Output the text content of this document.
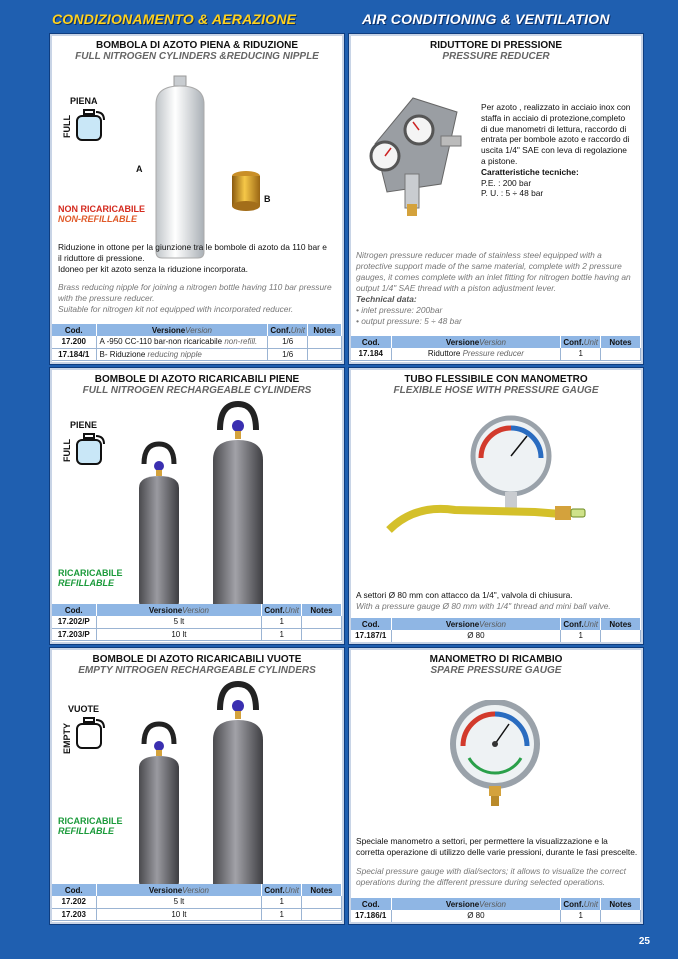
CONDIZIONAMENTO & AERAZIONE	AIR CONDITIONING & VENTILATION
BOMBOLA DI AZOTO PIENA & RIDUZIONE
FULL NITROGEN CYLINDERS &REDUCING NIPPLE
PIENA
FULL
A
B
NON RICARICABILE
NON-REFILLABLE
Riduzione in ottone per la giunzione tra le bombole di azoto da 110 bar e
il riduttore di pressione.
Idoneo per kit azoto senza la riduzione incorporata.
Brass reducing nipple for joining a nitrogen bottle having 110 bar pressure
with the pressure reducer.
Suitable for nitrogen kit not equipped with incorporated reducer.
Cod.	VersioneVersion	Conf.Unit	Notes
17.200	A -950 CC-110 bar-non ricaricabile non-refill.	1/6	
17.184/1	B- Riduzione reducing nipple	1/6	
RIDUTTORE DI PRESSIONE
PRESSURE REDUCER
Per azoto , realizzato in acciaio inox con
staffa in acciaio di protezione,completo
di due manometri di lettura, raccordo di
entrata per bombole azoto e raccordo di
uscita 1/4" SAE con leva di regolazione
a pistone.
Caratteristiche tecniche:
P.E. : 200 bar
P. U. : 5 ÷ 48 bar
Nitrogen pressure reducer made of stainless steel equipped with a
protective support made of the same material, complete with 2 pressure
gauges, it comes complete with an inlet fitting for nitrogen bottle having an
output 1/4" SAE thread with a piston adjustment lever.
Technical data:
• inlet pressure: 200bar
• output pressure: 5 ÷ 48 bar
Cod.	VersioneVersion	Conf.Unit	Notes
17.184	Riduttore Pressure reducer	1	
BOMBOLE DI AZOTO RICARICABILI PIENE
FULL NITROGEN RECHARGEABLE CYLINDERS
PIENE
FULL
RICARICABILE
REFILLABLE
Cod.	VersioneVersion	Conf.Unit	Notes
17.202/P	5 lt	1	
17.203/P	10 lt	1	
TUBO FLESSIBILE CON MANOMETRO
FLEXIBLE HOSE WITH PRESSURE GAUGE
A settori Ø 80 mm con attacco da 1/4", valvola di chiusura.
With a pressure gauge Ø 80 mm with 1/4" thread and mini ball valve.
Cod.	VersioneVersion	Conf.Unit	Notes
17.187/1	Ø 80	1	
BOMBOLE DI AZOTO RICARICABILI VUOTE
EMPTY NITROGEN RECHARGEABLE CYLINDERS
VUOTE
EMPTY
RICARICABILE
REFILLABLE
Cod.	VersioneVersion	Conf.Unit	Notes
17.202	5 lt	1	
17.203	10 lt	1	
MANOMETRO DI RICAMBIO
SPARE PRESSURE GAUGE
Speciale manometro a settori, per permettere la visualizzazione e la
corretta operazione di utilizzo delle varie pressioni, durante le fasi prescelte.
Special pressure gauge with dial/sectors; it allows to visualize the correct
operations during the different pressure during selected operations.
Cod.	VersioneVersion	Conf.Unit	Notes
17.186/1	Ø 80	1	
25
